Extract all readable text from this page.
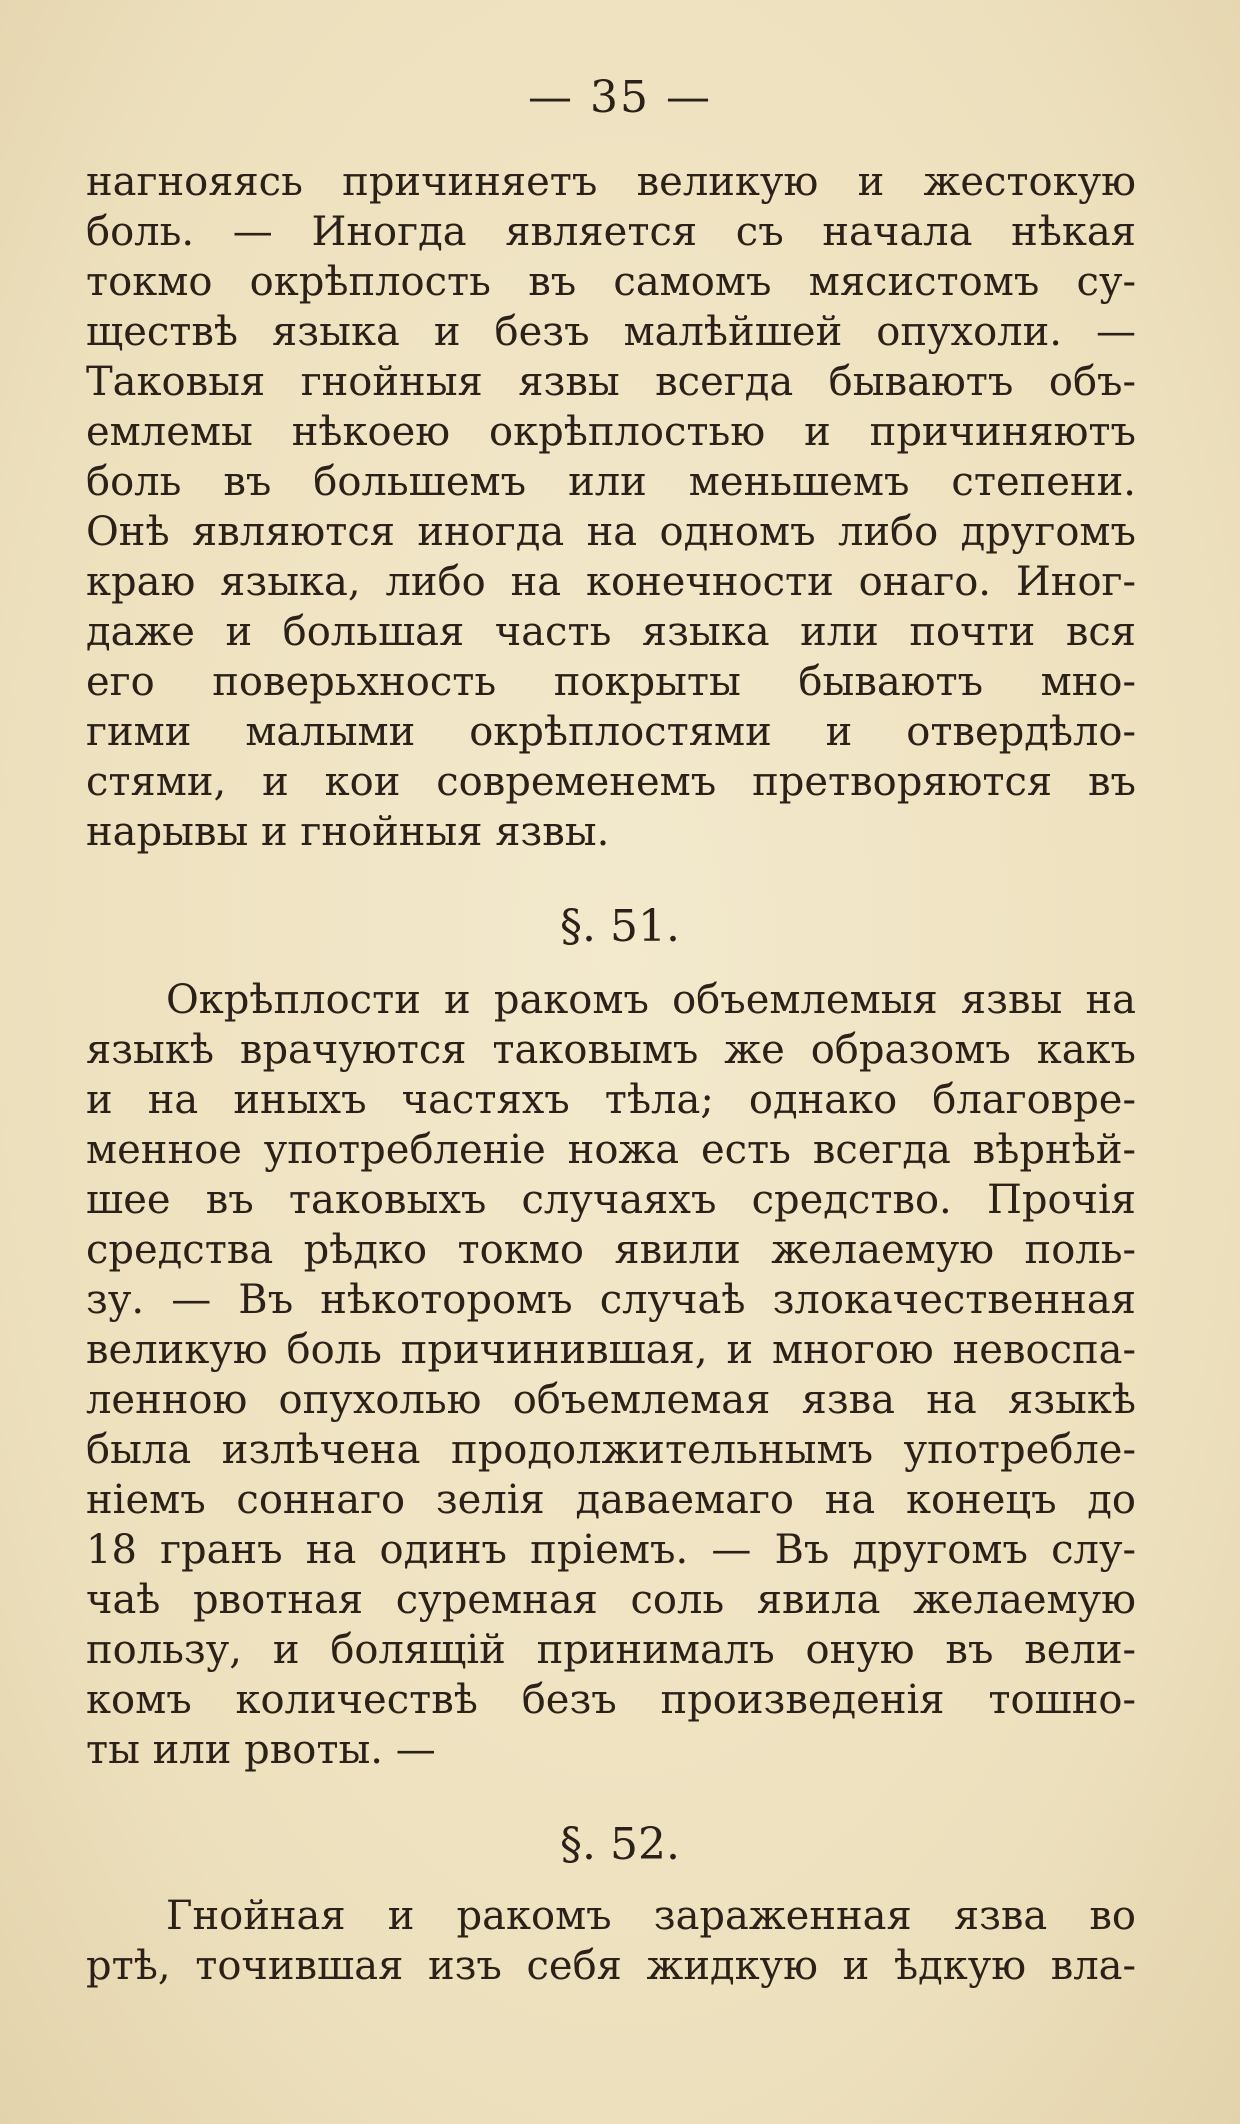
— 35 —
нагнояясь причиняетъ великую и жестокую
боль. — Иногда является съ начала нѣкая
токмо окрѣплость въ самомъ мясистомъ су-
ществѣ языка и безъ малѣйшей опухоли. —
Таковыя гнойныя язвы всегда бываютъ объ-
емлемы нѣкоею окрѣплостью и причиняютъ
боль въ большемъ или меньшемъ степени.
Онѣ являются иногда на одномъ либо другомъ
краю языка, либо на конечности онаго. Иног-
даже и большая часть языка или почти вся
его поверьхность покрыты бываютъ мно-
гими малыми окрѣплостями и отвердѣло-
стями, и кои современемъ претворяются въ
нарывы и гнойныя язвы.
§. 51.
Окрѣплости и ракомъ объемлемыя язвы на
языкѣ врачуются таковымъ же образомъ какъ
и на иныхъ частяхъ тѣла; однако благовре-
менное употребленіе ножа есть всегда вѣрнѣй-
шее въ таковыхъ случаяхъ средство. Прочія
средства рѣдко токмо явили желаемую поль-
зу. — Въ нѣкоторомъ случаѣ злокачественная
великую боль причинившая, и многою невоспа-
ленною опухолью объемлемая язва на языкѣ
была излѣчена продолжительнымъ употребле-
ніемъ соннаго зелія даваемаго на конецъ до
18 гранъ на одинъ пріемъ. — Въ другомъ слу-
чаѣ рвотная суремная соль явила желаемую
пользу, и болящій принималъ оную въ вели-
комъ количествѣ безъ произведенія тошно-
ты или рвоты. —
§. 52.
Гнойная и ракомъ зараженная язва во
ртѣ, точившая изъ себя жидкую и ѣдкую вла-
